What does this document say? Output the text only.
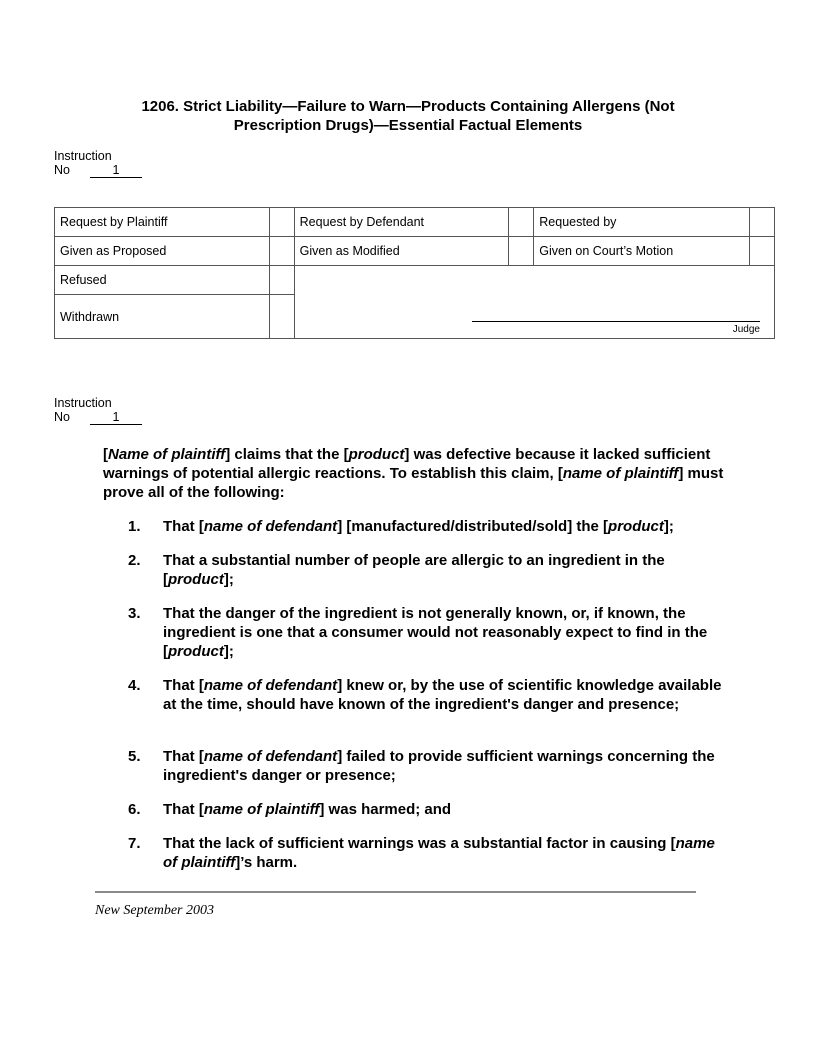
1206. Strict Liability—Failure to Warn—Products Containing Allergens (Not
Prescription Drugs)—Essential Factual Elements
Instruction
No	1
Request by Plaintiff		Request by Defendant		Requested by	
Given as Proposed		Given as Modified		Given on Court’s Motion	
Refused		Judge			

Withdrawn					
Instruction
No	1
[Name of plaintiff] claims that the [product] was defective because it lacked sufficient warnings of potential allergic reactions. To establish this claim, [name of plaintiff] must prove all of the following:
1. That [name of defendant] [manufactured/distributed/sold] the [product];
2. That a substantial number of people are allergic to an ingredient in the [product];
3. That the danger of the ingredient is not generally known, or, if known, the ingredient is one that a consumer would not reasonably expect to find in the [product];
4. That [name of defendant] knew or, by the use of scientific knowledge available at the time, should have known of the ingredient's danger and presence;
5. That [name of defendant] failed to provide sufficient warnings concerning the ingredient's danger or presence;
6. That [name of plaintiff] was harmed; and
7. That the lack of sufficient warnings was a substantial factor in causing [name of plaintiff]’s harm.
New September 2003
